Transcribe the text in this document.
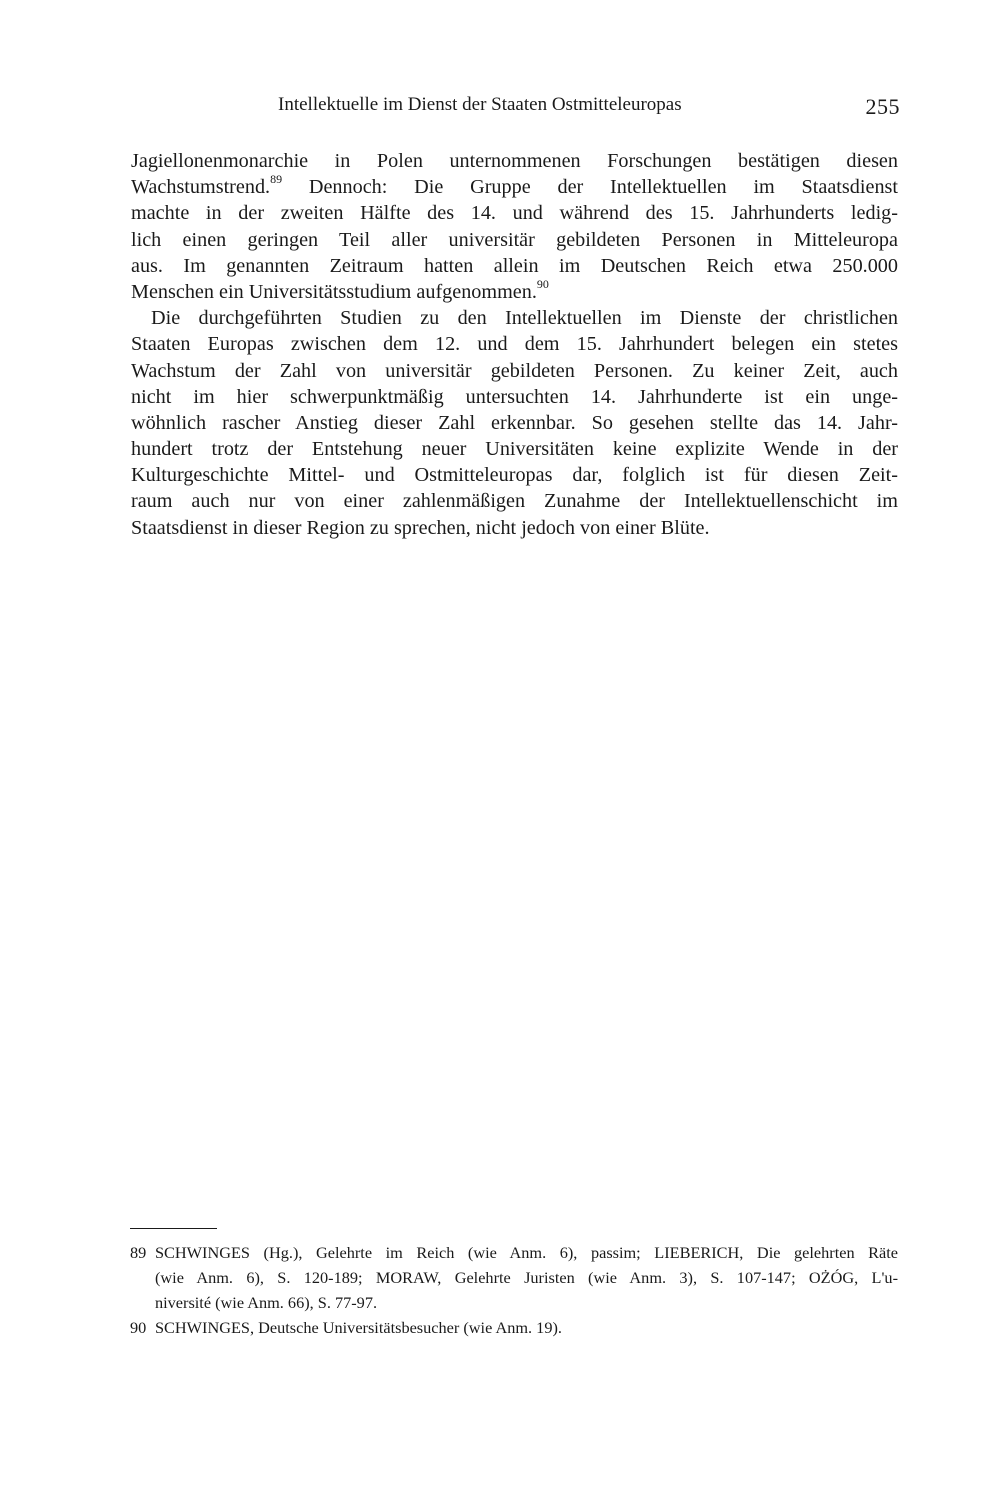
Intellektuelle im Dienst der Staaten Ostmitteleuropas	255
Jagiellonenmonarchie in Polen unternommenen Forschungen bestätigen diesen
Wachstumstrend.$^{89}$ Dennoch: Die Gruppe der Intellektuellen im Staatsdienst
machte in der zweiten Hälfte des 14. und während des 15. Jahrhunderts ledig-
lich einen geringen Teil aller universitär gebildeten Personen in Mitteleuropa
aus. Im genannten Zeitraum hatten allein im Deutschen Reich etwa 250.000
Menschen ein Universitätsstudium aufgenommen.$^{90}$
Die durchgeführten Studien zu den Intellektuellen im Dienste der christlichen
Staaten Europas zwischen dem 12. und dem 15. Jahrhundert belegen ein stetes
Wachstum der Zahl von universitär gebildeten Personen. Zu keiner Zeit, auch
nicht im hier schwerpunktmäßig untersuchten 14. Jahrhunderte ist ein unge-
wöhnlich rascher Anstieg dieser Zahl erkennbar. So gesehen stellte das 14. Jahr-
hundert trotz der Entstehung neuer Universitäten keine explizite Wende in der
Kulturgeschichte Mittel- und Ostmitteleuropas dar, folglich ist für diesen Zeit-
raum auch nur von einer zahlenmäßigen Zunahme der Intellektuellenschicht im
Staatsdienst in dieser Region zu sprechen, nicht jedoch von einer Blüte.
89 SCHWINGES (Hg.), Gelehrte im Reich (wie Anm. 6), passim; LIEBERICH, Die gelehrten Räte
(wie Anm. 6), S. 120-189; MORAW, Gelehrte Juristen (wie Anm. 3), S. 107-147; OŻÓG, L'u-
niversité (wie Anm. 66), S. 77-97.
90 SCHWINGES, Deutsche Universitätsbesucher (wie Anm. 19).
